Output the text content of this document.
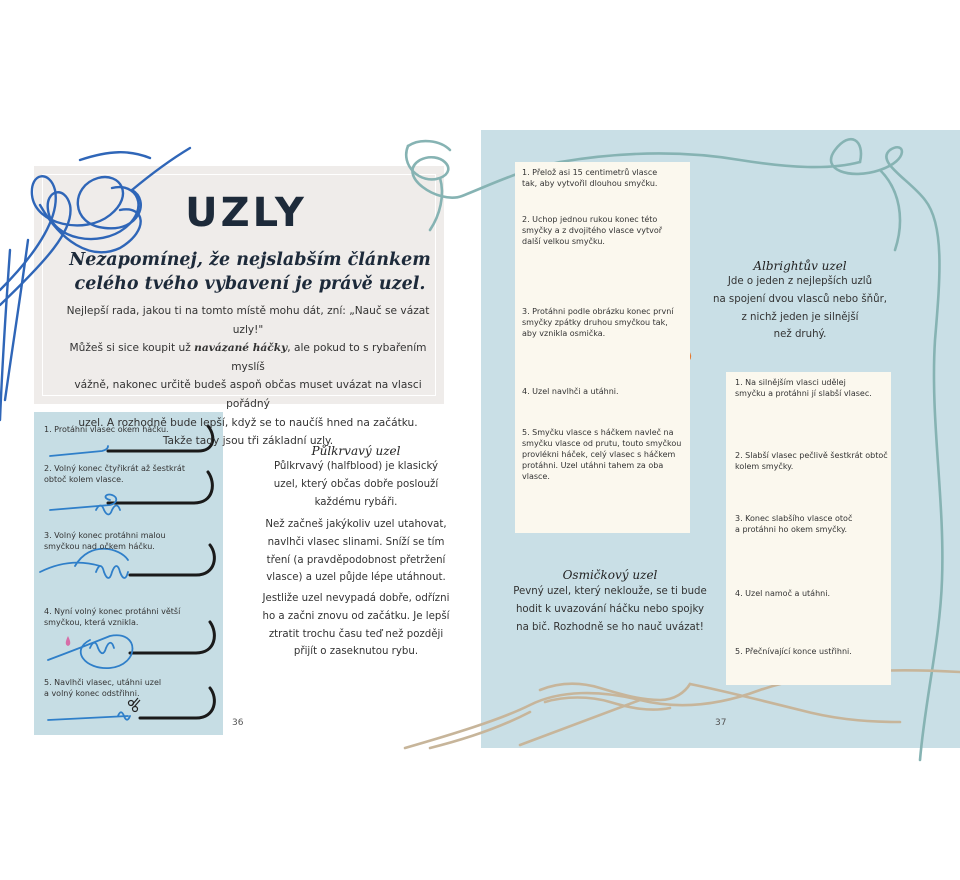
UZLY
Nezapomínej, že nejslabším článkem
celého tvého vybavení je právě uzel.
Nejlepší rada, jakou ti na tomto místě mohu dát, zní: „Nauč se vázat uzly!"
Můžeš si sice koupit už navázané háčky, ale pokud to s rybařením myslíš
vážně, nakonec určitě budeš aspoň občas muset uvázat na vlasci pořádný
uzel. A rozhodně bude lepší, když se to naučíš hned na začátku.
Takže tady jsou tři základní uzly.
1. Protáhni vlasec okem háčku.
2. Volný konec čtyřikrát až šestkrát
obtoč kolem vlasce.
3. Volný konec protáhni malou
smyčkou nad očkem háčku.
4. Nyní volný konec protáhni větší
smyčkou, která vznikla.
5. Navlhči vlasec, utáhni uzel
a volný konec odstřihni.
Půlkrvavý uzel
Půlkrvavý (halfblood) je klasický
uzel, který občas dobře poslouží
každému rybáři.
Než začneš jakýkoliv uzel utahovat,
navlhči vlasec slinami. Sníží se tím
tření (a pravděpodobnost přetržení
vlasce) a uzel půjde lépe utáhnout.
Jestliže uzel nevypadá dobře, odřízni
ho a začni znovu od začátku. Je lepší
ztratit trochu času teď než později
přijít o zaseknutou rybu.
36
1. Přelož asi 15 centimetrů vlasce
tak, aby vytvořil dlouhou smyčku.
2. Uchop jednou rukou konec této
smyčky a z dvojitého vlasce vytvoř
další velkou smyčku.
3. Protáhni podle obrázku konec první
smyčky zpátky druhou smyčkou tak,
aby vznikla osmička.
4. Uzel navlhči a utáhni.
5. Smyčku vlasce s háčkem navleč na
smyčku vlasce od prutu, touto smyčkou
provlékni háček, celý vlasec s háčkem
protáhni. Uzel utáhni tahem za oba
vlasce.
Osmičkový uzel
Pevný uzel, který neklouže, se ti bude
hodit k uvazování háčku nebo spojky
na bič. Rozhodně se ho nauč uvázat!
Albrightův uzel
Jde o jeden z nejlepších uzlů
na spojení dvou vlasců nebo šňůr,
z nichž jeden je silnější
než druhý.
1. Na silnějším vlasci udělej
smyčku a protáhni jí slabší vlasec.
2. Slabší vlasec pečlivě šestkrát obtoč
kolem smyčky.
3. Konec slabšího vlasce otoč
a protáhni ho okem smyčky.
4. Uzel namoč a utáhni.
5. Přečnívající konce ustřihni.
37
